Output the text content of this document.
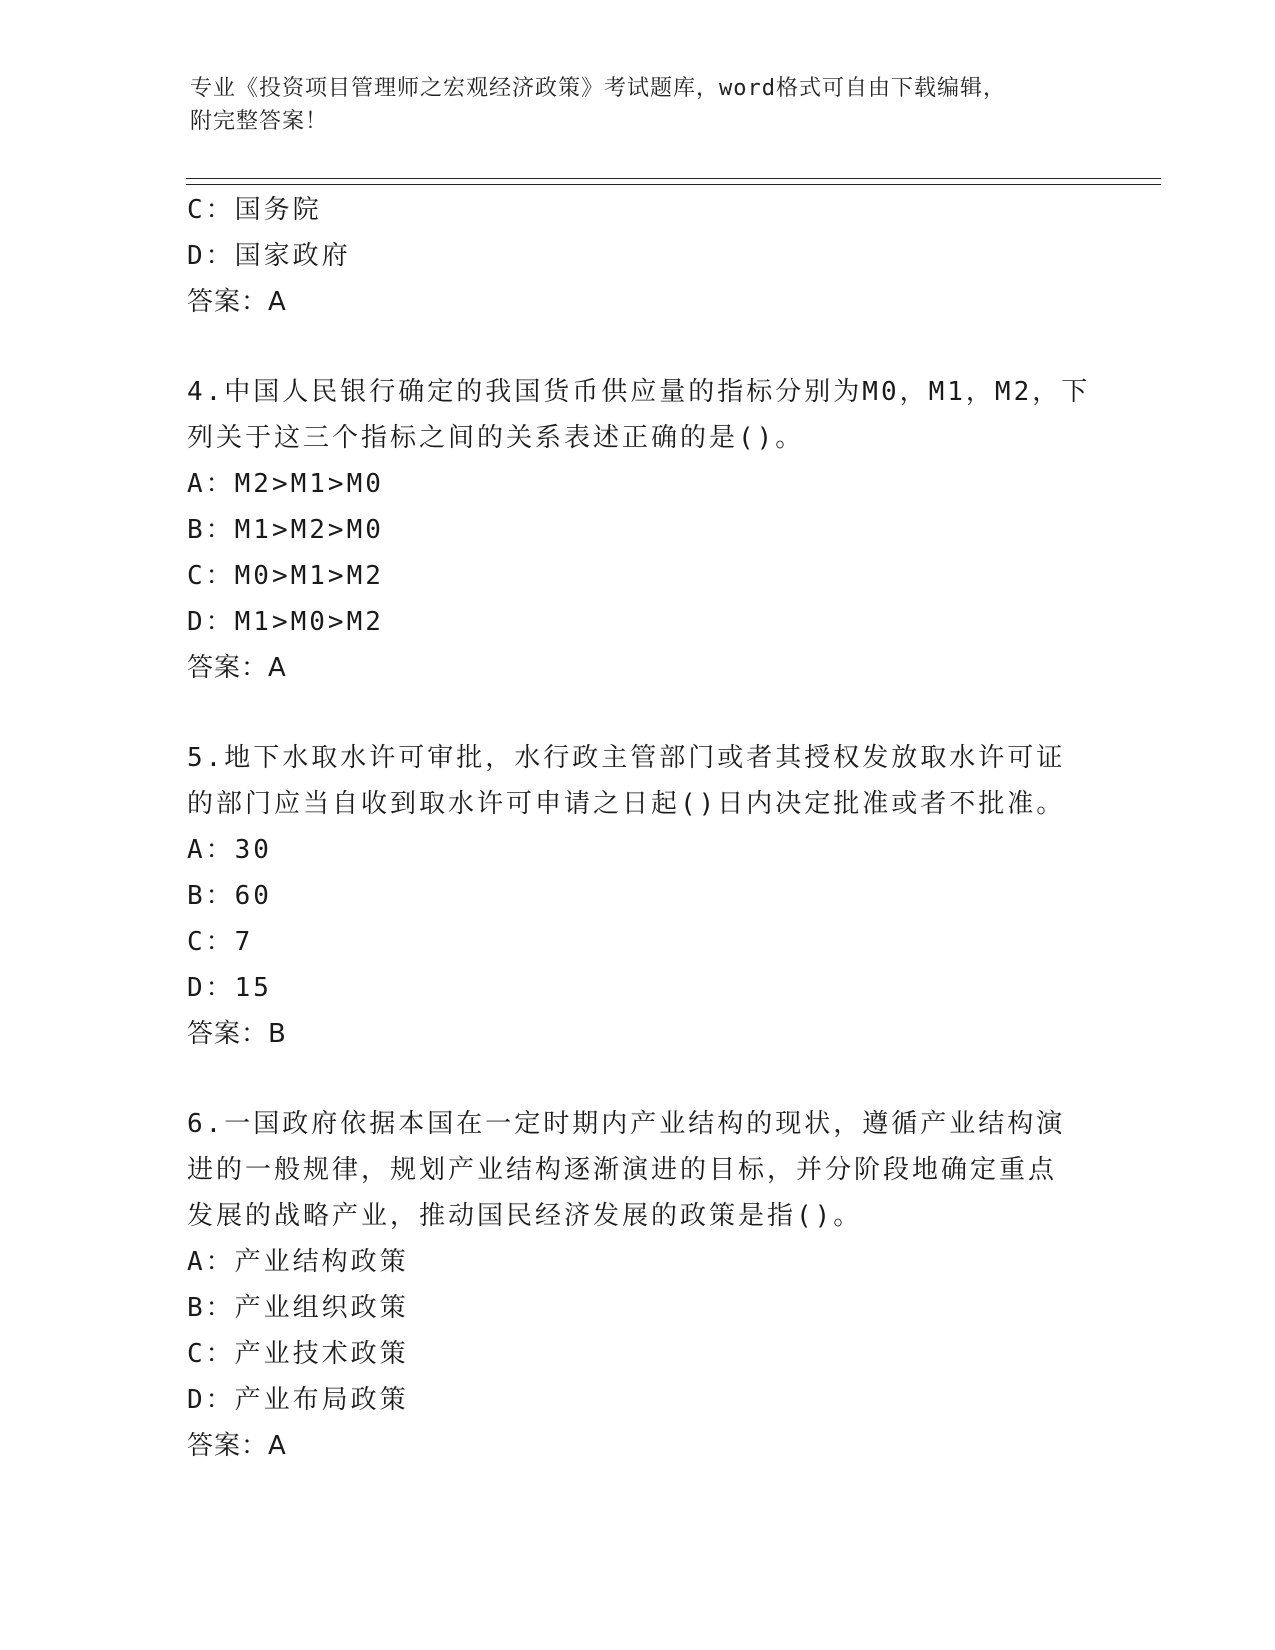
专业《投资项目管理师之宏观经济政策》考试题库，word格式可自由下载编辑，
附完整答案！
C：国务院
D：国家政府
答案：A
4.中国人民银行确定的我国货币供应量的指标分别为M0，M1，M2，下
列关于这三个指标之间的关系表述正确的是()。
A：M2>M1>M0
B：M1>M2>M0
C：M0>M1>M2
D：M1>M0>M2
答案：A
5.地下水取水许可审批，水行政主管部门或者其授权发放取水许可证
的部门应当自收到取水许可申请之日起()日内决定批准或者不批准。
A：30
B：60
C：7
D：15
答案：B
6.一国政府依据本国在一定时期内产业结构的现状，遵循产业结构演
进的一般规律，规划产业结构逐渐演进的目标，并分阶段地确定重点
发展的战略产业，推动国民经济发展的政策是指()。
A：产业结构政策
B：产业组织政策
C：产业技术政策
D：产业布局政策
答案：A
